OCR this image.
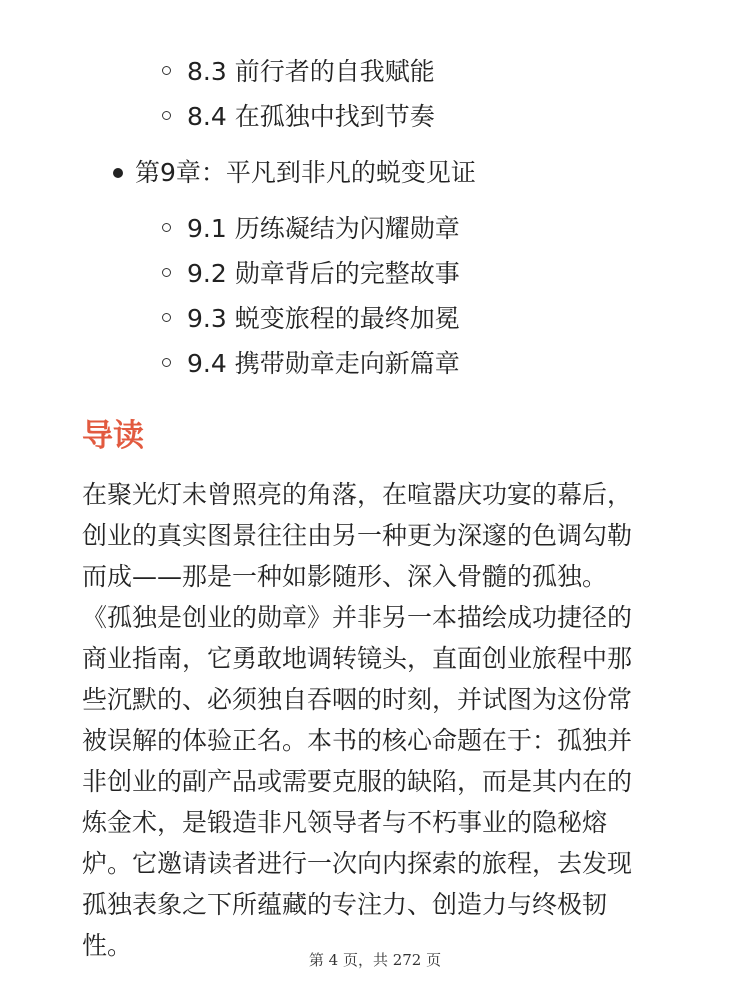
8.3 前行者的自我赋能
8.4 在孤独中找到节奏
第9章：平凡到非凡的蜕变见证
9.1 历练凝结为闪耀勋章
9.2 勋章背后的完整故事
9.3 蜕变旅程的最终加冕
9.4 携带勋章走向新篇章
导读

在聚光灯未曾照亮的角落，在喧嚣庆功宴的幕后，
创业的真实图景往往由另一种更为深邃的色调勾勒
而成——那是一种如影随形、深入骨髓的孤独。
《孤独是创业的勋章》并非另一本描绘成功捷径的
商业指南，它勇敢地调转镜头，直面创业旅程中那
些沉默的、必须独自吞咽的时刻，并试图为这份常
被误解的体验正名。本书的核心命题在于：孤独并
非创业的副产品或需要克服的缺陷，而是其内在的
炼金术，是锻造非凡领导者与不朽事业的隐秘熔
炉。它邀请读者进行一次向内探索的旅程，去发现
孤独表象之下所蕴藏的专注力、创造力与终极韧
性。	第 4 页，共 272 页
